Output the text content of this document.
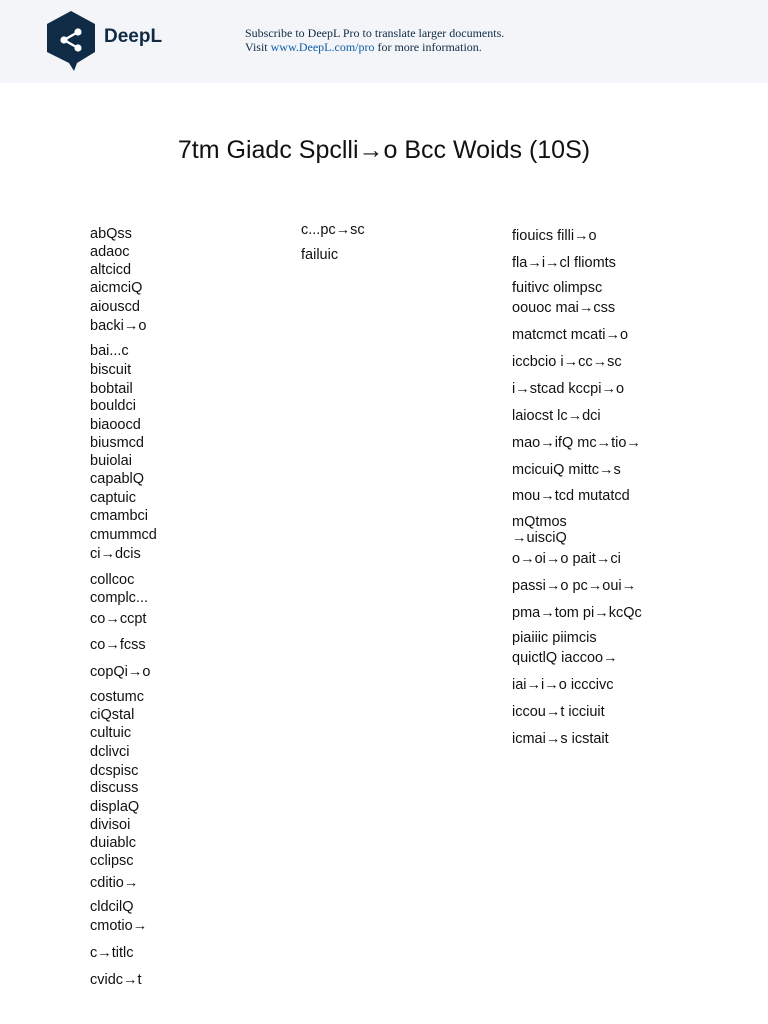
DeepL	Subscribe to DeepL Pro to translate larger documents.
Visit www.DeepL.com/pro for more information.
7tm Giadc Spclli→o Bcc Woids (10S)
abQss
adaoc
altcicd
aicmciQ
aiouscd
backi→o
bai...c
biscuit
bobtail
bouldci
biaoocd
biusmcd
buiolai
capablQ
captuic
cmambci
cmummcd
ci→dcis
collcoc
complc...
co→ccpt
co→fcss
copQi→o
costumc
ciQstal
cultuic
dclivci
dcspisc
discuss
displaQ
divisoi
duiablc
cclipsc
cditio→
cldcilQ
cmotio→
c→titlc
cvidc→t
c...pc→sc
failuic
fiouics filli→o
fla→i→cl fliomts
fuitivc olimpsc
oouoc mai→css
matcmct mcati→o
iccbcio i→cc→sc
i→stcad kccpi→o
laiocst lc→dci
mao→ifQ mc→tio→
mcicuiQ mittc→s
mou→tcd mutatcd
mQtmos
→uisciQ
o→oi→o pait→ci
passi→o pc→oui→
pma→tom pi→kcQc
piaiiic piimcis
quictlQ iaccoo→
iai→i→o icccivc
iccou→t icciuit
icmai→s icstait
